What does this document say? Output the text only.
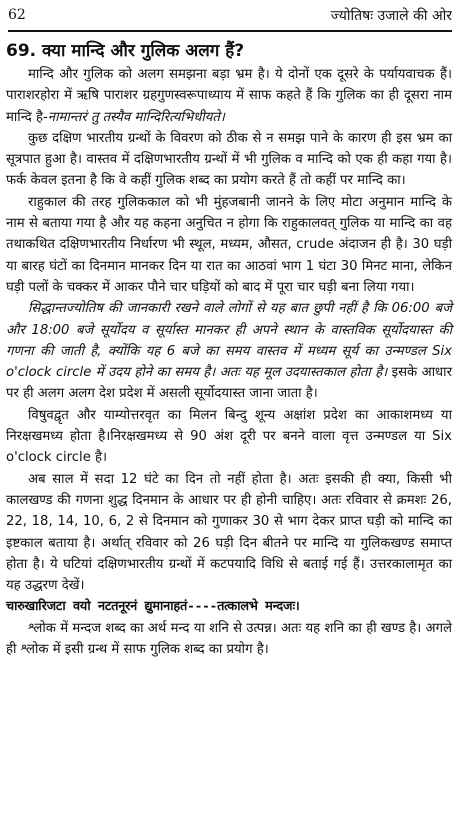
62	ज्योतिषः उजाले की ओर
69. क्या मान्दि और गुलिक अलग हैं?

मान्दि और गुलिक को अलग समझना बड़ा भ्रम है। ये दोनों एक दूसरे के पर्यायवाचक हैं। पाराशरहोरा में ऋषि पाराशर ग्रहगुणस्वरूपाध्याय में साफ कहते हैं कि गुलिक का ही दूसरा नाम मान्दि है-नामान्तरं तु तस्यैव मान्दिरित्यभिधीयते।

कुछ दक्षिण भारतीय ग्रन्थों के विवरण को ठीक से न समझ पाने के कारण ही इस भ्रम का सूत्रपात हुआ है। वास्तव में दक्षिणभारतीय ग्रन्थों में भी गुलिक व मान्दि को एक ही कहा गया है। फर्क केवल इतना है कि वे कहीं गुलिक शब्द का प्रयोग करते हैं तो कहीं पर मान्दि का।

राहुकाल की तरह गुलिककाल को भी मुंहजबानी जानने के लिए मोटा अनुमान मान्दि के नाम से बताया गया है और यह कहना अनुचित न होगा कि राहुकालवत् गुलिक या मान्दि का वह तथाकथित दक्षिणभारतीय निर्धारण भी स्थूल, मध्यम, औसत, crude अंदाजन ही है। 30 घड़ी या बारह घंटों का दिनमान मानकर दिन या रात का आठवां भाग 1 घंटा 30 मिनट माना, लेकिन घड़ी पलों के चक्कर में आकर पौने चार घड़ियों को बाद में पूरा चार घड़ी बना लिया गया।

सिद्धान्तज्योतिष की जानकारी रखने वाले लोगों से यह बात छुपी नहीं है कि 06:00 बजे और 18:00 बजे सूर्योदय व सूर्यास्त मानकर ही अपने स्थान के वास्तविक सूर्योदयास्त की गणना की जाती है, क्योंकि यह 6 बजे का समय वास्तव में मध्यम सूर्य का उन्मण्डल Six o'clock circle में उदय होने का समय है। अतः यह मूल उदयास्तकाल होता है। इसके आधार पर ही अलग अलग देश प्रदेश में असली सूर्योदयास्त जाना जाता है।

विषुवद्वृत और याम्योत्तरवृत का मिलन बिन्दु शून्य अक्षांश प्रदेश का आकाशमध्य या निरक्षखमध्य होता है।निरक्षखमध्य से 90 अंश दूरी पर बनने वाला वृत्त उन्मण्डल या Six o'clock circle है।

अब साल में सदा 12 घंटे का दिन तो नहीं होता है। अतः इसकी ही क्या, किसी भी कालखण्ड की गणना शुद्ध दिनमान के आधार पर ही होनी चाहिए। अतः रविवार से क्रमशः 26, 22, 18, 14, 10, 6, 2 से दिनमान को गुणाकर 30 से भाग देकर प्राप्त घड़ी को मान्दि का इष्टकाल बताया है। अर्थात् रविवार को 26 घड़ी दिन बीतने पर मान्दि या गुलिकखण्ड समाप्त होता है। ये घटियां दक्षिणभारतीय ग्रन्थों में कटपयादि विधि से बताई गई हैं। उत्तरकालामृत का यह उद्धरण देखें।

चारुखारिजटा वयो नटतनूरनं द्युमानाहतं----तत्कालभे मन्दजः।

श्लोक में मन्दज शब्द का अर्थ मन्द या शनि से उत्पन्न। अतः यह शनि का ही खण्ड है। अगले ही श्लोक में इसी ग्रन्थ में साफ गुलिक शब्द का प्रयोग है।
